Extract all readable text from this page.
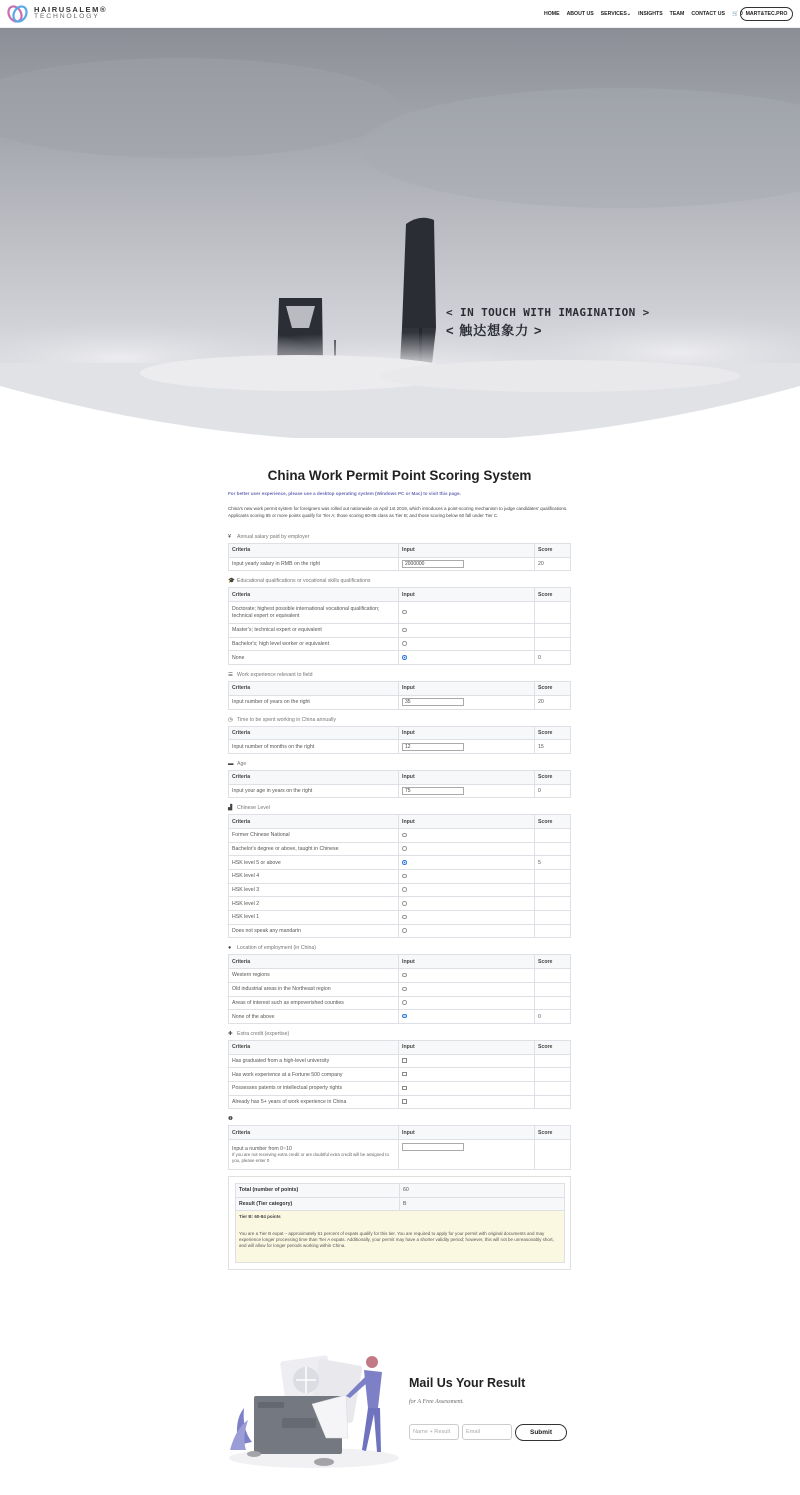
HAIRUSALEM®
TECHNOLOGY	HOME ABOUT US SERVICES⌄ INSIGHTS TEAM CONTACT US 🛒 0 MART&TEC.PRO
< IN TOUCH WITH IMAGINATION >
< 触达想象力 >
China Work Permit Point Scoring System
For better user experience, please use a desktop operating system (Windows PC or Mac) to visit this page.
China's new work permit system for foreigners was rolled out nationwide on April 1st 2019, which introduces a point-scoring mechanism to judge candidates' qualifications. Applicants scoring 85 or more points qualify for Tier A; those scoring 60-85 class as Tier B; and those scoring below 60 fall under Tier C.
¥	Annual salary paid by employer
Criteria	Input	Score
Input yearly salary in RMB on the right	2000000	20
🎓 Educational qualifications or vocational skills qualifications
Criteria	Input	Score
Doctorate; highest possible international vocational qualification; technical expert or equivalent		
Master's; technical expert or equivalent		
Bachelor's; high level worker or equivalent		
None		0
☰ Work experience relevant to field
Criteria	Input	Score
Input number of years on the right	35	20
◷ Time to be spent working in China annually
Criteria	Input	Score
Input number of months on the right	12	15
▬ Age
Criteria	Input	Score
Input your age in years on the right	75	0
▟ Chinese Level
Criteria	Input	Score
Former Chinese National		
Bachelor's degree or above, taught in Chinese		
HSK level 5 or above		5
HSK level 4		
HSK level 3		
HSK level 2		
HSK level 1		
Does not speak any mandarin		
●	Location of employment (in China)
Criteria	Input	Score
Western regions		
Old industrial areas in the Northeast region		
Areas of interest such as empoverished counties		
None of the above		0
✚ Extra credit (expertise)
Criteria	Input	Score
Has graduated from a high-level university		
Has work experience at a Fortune 500 company		
Possesses patents or intellectual property rights		
Already has 5+ years of work experience in China		
❶
Criteria	Input	Score

Input a number from 0~10
If you are not receiving extra credit or are doubtful extra credit will be assigned to you, please enter 0		

Total (number of points)	60
Result (Tier category)	B
Tier B: 60-84 points
You are a Tier B expat – approximately 61 percent of expats qualify for this tier. You are required to apply for your permit with original documents and may experience longer processing time than Tier A expats. Additionally, your permit may have a shorter validity period; however, this will not be unreasonably short, and will allow for longer periods working within China.
Mail Us Your Result
for A Free Assessment.
Name + Result	Email	Submit
